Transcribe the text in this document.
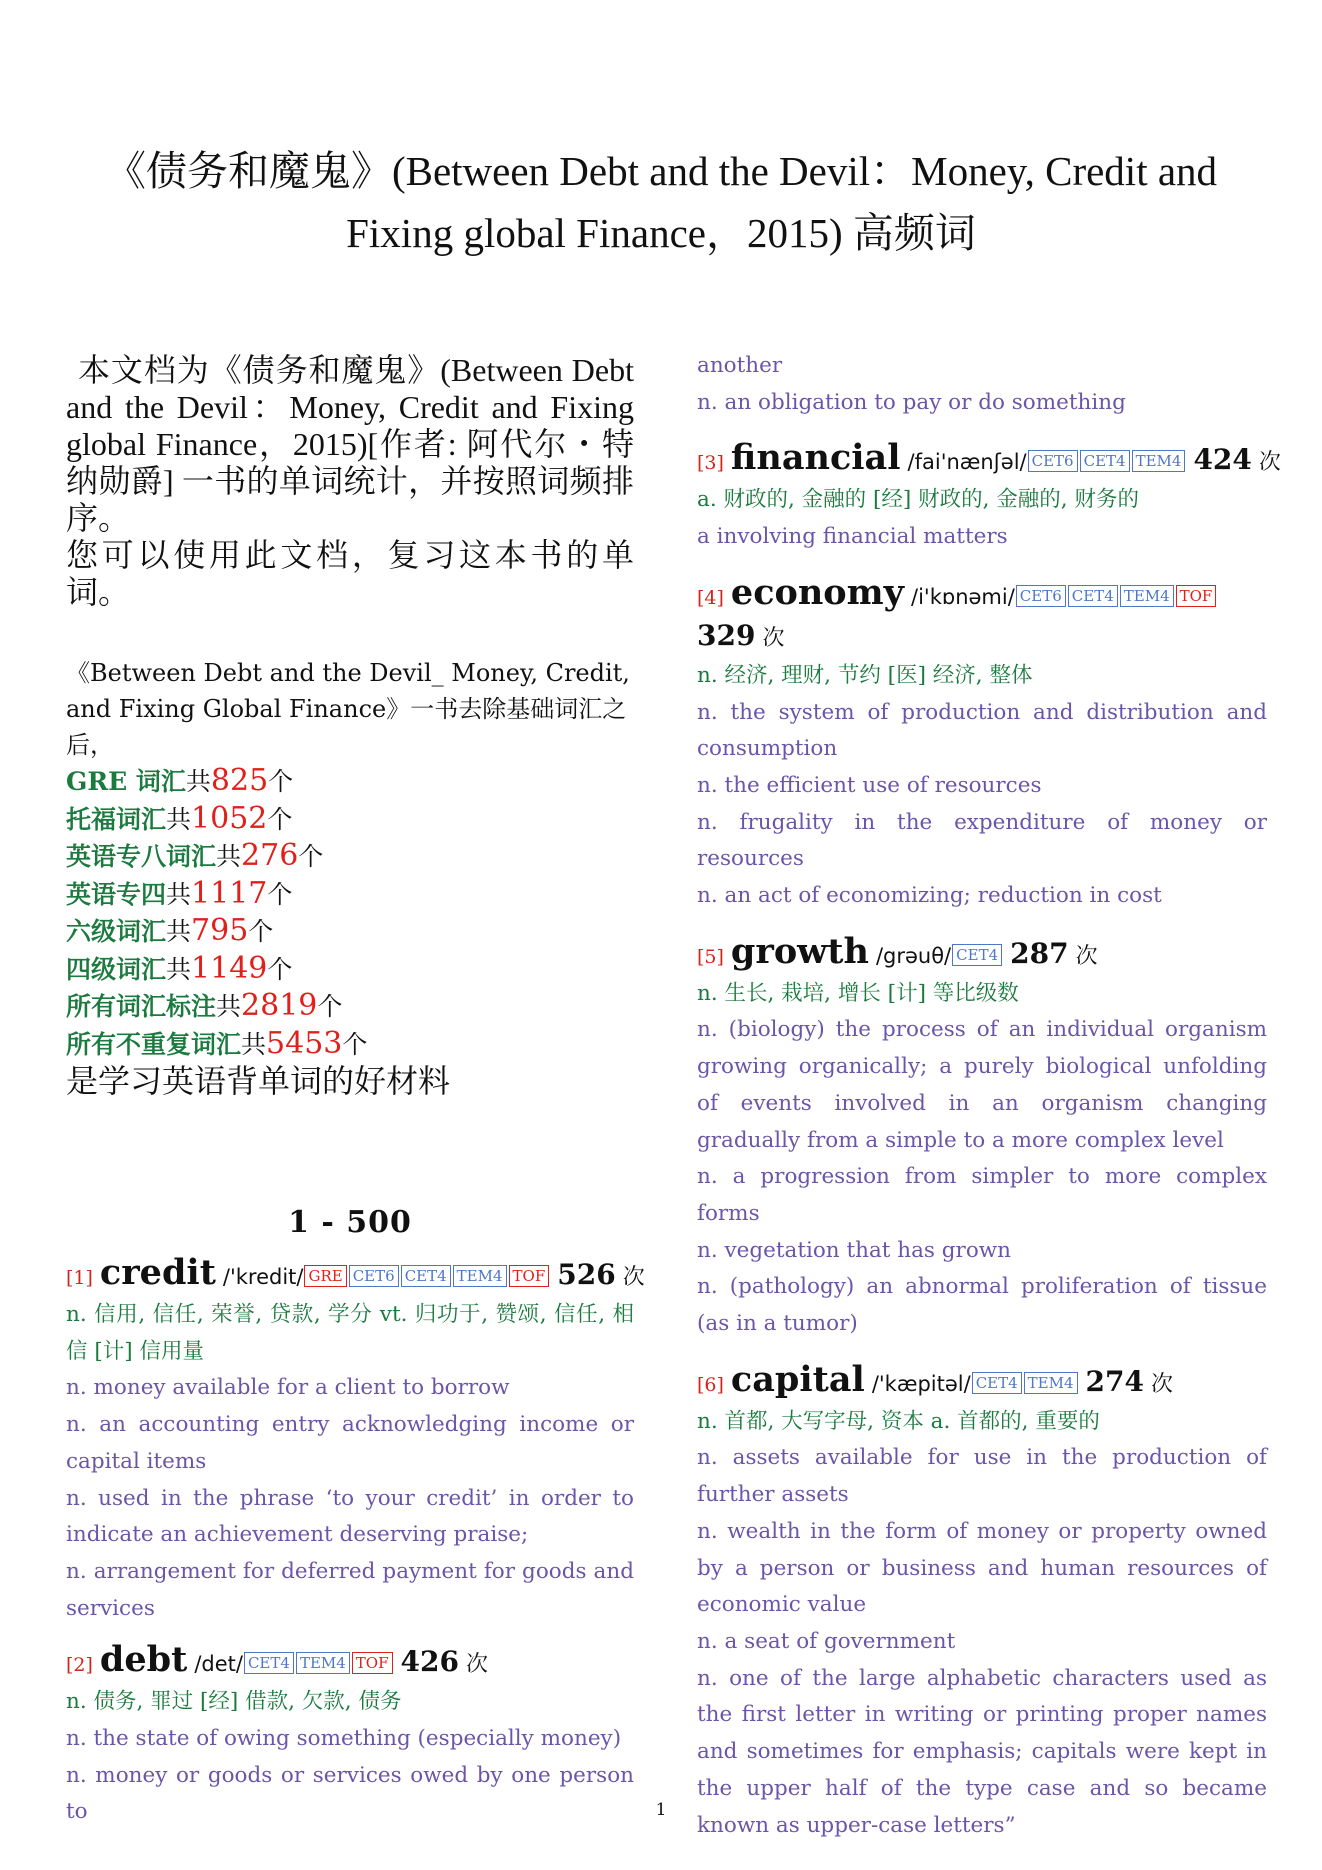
《债务和魔鬼》(Between Debt and the Devil：Money, Credit and
Fixing global Finance，2015) 高频词

本文档为《债务和魔鬼》(Between Debt and the Devil：Money, Credit and Fixing global Finance，2015)[作者: 阿代尔・特纳勋爵] 一书的单词统计，并按照词频排序。

您可以使用此文档，复习这本书的单词。

《Between Debt and the Devil_ Money, Credit, and Fixing Global Finance》一书去除基础词汇之后，

GRE 词汇共825个
托福词汇共1052个
英语专八词汇共276个
英语专四共1117个
六级词汇共795个
四级词汇共1149个
所有词汇标注共2819个
所有不重复词汇共5453个

是学习英语背单词的好材料

1 - 500
[1] credit /'kredit/ GRE CET6 CET4 TEM4 TOF 526 次

n. 信用, 信任, 荣誉, 贷款, 学分 vt. 归功于, 赞颂, 信任, 相信 [计] 信用量

n. money available for a client to borrow

n. an accounting entry acknowledging income or capital items

n. used in the phrase ‘to your credit’ in order to indicate an achievement deserving praise;

n. arrangement for deferred payment for goods and services

[2] debt /det/ CET4 TEM4 TOF 426 次

n. 债务, 罪过 [经] 借款, 欠款, 债务

n. the state of owing something (especially money)

n. money or goods or services owed by one person to

another

n. an obligation to pay or do something

[3] financial /fai'nænʃəl/ CET6 CET4 TEM4 424 次

a. 财政的, 金融的 [经] 财政的, 金融的, 财务的

a involving financial matters

[4] economy /i'kɒnəmi/ CET6 CET4 TEM4 TOF 329 次

n. 经济, 理财, 节约 [医] 经济, 整体

n. the system of production and distribution and consumption

n. the efficient use of resources

n. frugality in the expenditure of money or resources

n. an act of economizing; reduction in cost

[5] growth /grəuθ/ CET4 287 次

n. 生长, 栽培, 增长 [计] 等比级数

n. (biology) the process of an individual organism growing organically; a purely biological unfolding of events involved in an organism changing gradually from a simple to a more complex level

n. a progression from simpler to more complex forms

n. vegetation that has grown

n. (pathology) an abnormal proliferation of tissue (as in a tumor)

[6] capital /'kæpitəl/ CET4 TEM4 274 次

n. 首都, 大写字母, 资本 a. 首都的, 重要的

n. assets available for use in the production of further assets

n. wealth in the form of money or property owned by a person or business and human resources of economic value

n. a seat of government

n. one of the large alphabetic characters used as the first letter in writing or printing proper names and sometimes for emphasis; capitals were kept in the upper half of the type case and so became known as upper-case letters”

1
